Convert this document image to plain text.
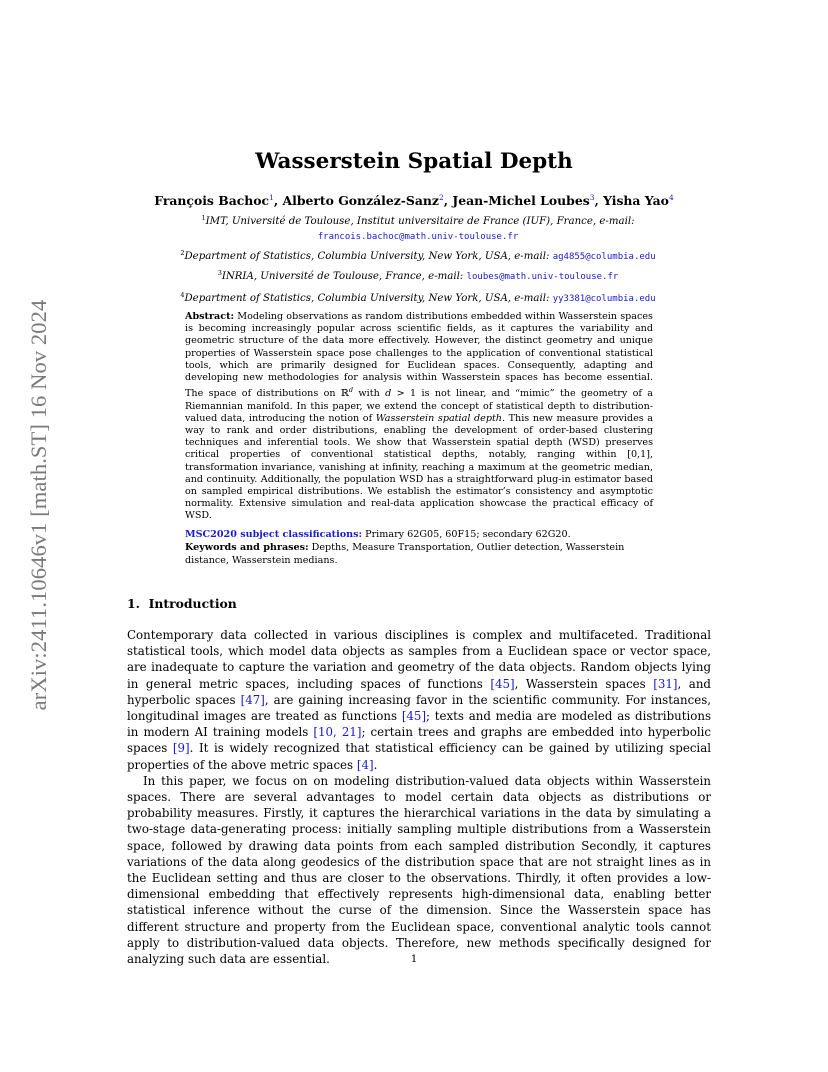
arXiv:2411.10646v1 [math.ST] 16 Nov 2024
Wasserstein Spatial Depth
François Bachoc$^1$, Alberto González-Sanz$^2$, Jean-Michel Loubes$^3$, Yisha Yao$^4$
$^1$IMT, Université de Toulouse, Institut universitaire de France (IUF), France, e-mail:
francois.bachoc@math.univ-toulouse.fr
$^2$Department of Statistics, Columbia University, New York, USA, e-mail: ag4855@columbia.edu
$^3$INRIA, Université de Toulouse, France, e-mail: loubes@math.univ-toulouse.fr
$^4$Department of Statistics, Columbia University, New York, USA, e-mail: yy3381@columbia.edu
Abstract: Modeling observations as random distributions embedded within Wasserstein spaces is becoming increasingly popular across scientific fields, as it captures the variability and geometric structure of the data more effectively. However, the distinct geometry and unique properties of Wasserstein space pose challenges to the application of conventional statistical tools, which are primarily designed for Euclidean spaces. Consequently, adapting and developing new methodologies for analysis within Wasserstein spaces has become essential. The space of distributions on ℝ$^d$ with d > 1 is not linear, and “mimic” the geometry of a Riemannian manifold. In this paper, we extend the concept of statistical depth to distribution-valued data, introducing the notion of Wasserstein spatial depth. This new measure provides a way to rank and order distributions, enabling the development of order-based clustering techniques and inferential tools. We show that Wasserstein spatial depth (WSD) preserves critical properties of conventional statistical depths, notably, ranging within [0,1], transformation invariance, vanishing at infinity, reaching a maximum at the geometric median, and continuity. Additionally, the population WSD has a straightforward plug-in estimator based on sampled empirical distributions. We establish the estimator’s consistency and asymptotic normality. Extensive simulation and real-data application showcase the practical efficacy of WSD.
MSC2020 subject classifications: Primary 62G05, 60F15; secondary 62G20.
Keywords and phrases: Depths, Measure Transportation, Outlier detection, Wasserstein distance, Wasserstein medians.
1. Introduction

Contemporary data collected in various disciplines is complex and multifaceted. Traditional statistical tools, which model data objects as samples from a Euclidean space or vector space, are inadequate to capture the variation and geometry of the data objects. Random objects lying in general metric spaces, including spaces of functions [45], Wasserstein spaces [31], and hyperbolic spaces [47], are gaining increasing favor in the scientific community. For instances, longitudinal images are treated as functions [45]; texts and media are modeled as distributions in modern AI training models [10, 21]; certain trees and graphs are embedded into hyperbolic spaces [9]. It is widely recognized that statistical efficiency can be gained by utilizing special properties of the above metric spaces [4].

In this paper, we focus on on modeling distribution-valued data objects within Wasserstein spaces. There are several advantages to model certain data objects as distributions or probability measures. Firstly, it captures the hierarchical variations in the data by simulating a two-stage data-generating process: initially sampling multiple distributions from a Wasserstein space, followed by drawing data points from each sampled distribution Secondly, it captures variations of the data along geodesics of the distribution space that are not straight lines as in the Euclidean setting and thus are closer to the observations. Thirdly, it often provides a low-dimensional embedding that effectively represents high-dimensional data, enabling better statistical inference without the curse of the dimension. Since the Wasserstein space has different structure and property from the Euclidean space, conventional analytic tools cannot apply to distribution-valued data objects. Therefore, new methods specifically designed for analyzing such data are essential.	1
